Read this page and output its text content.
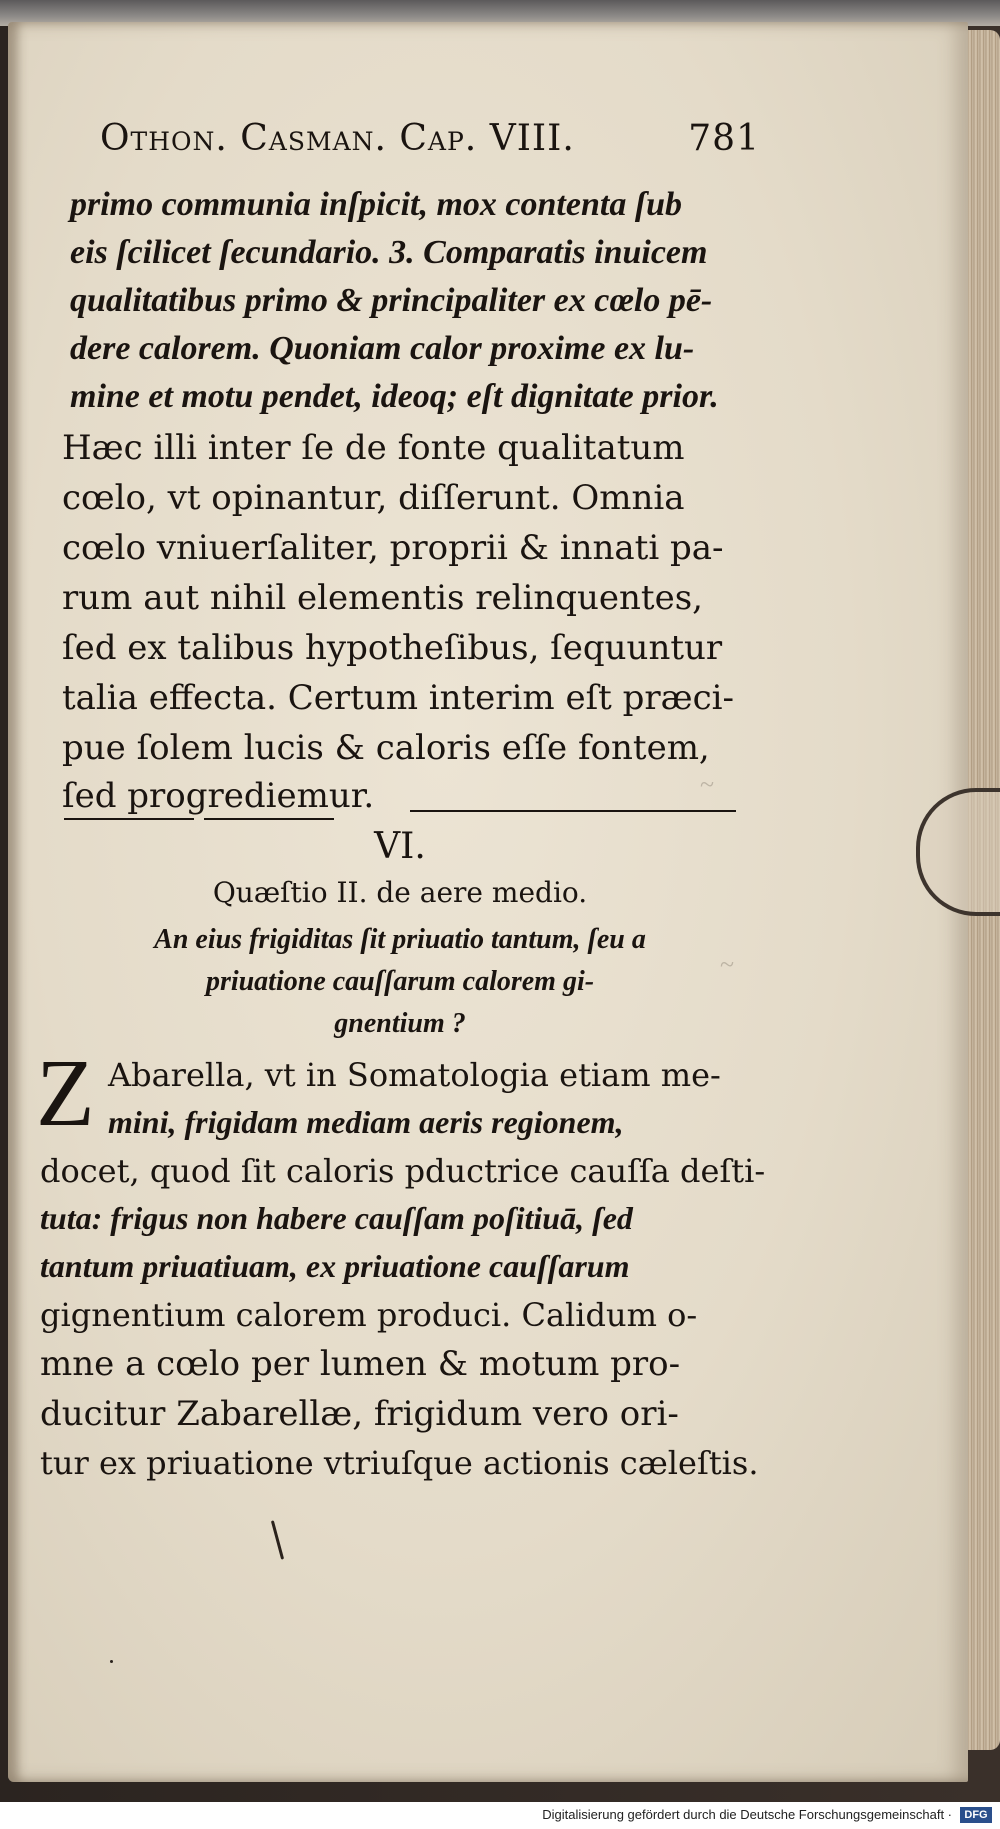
~
~
Othon. Casman. Cap. VIII.	781
primo communia inſpicit, mox contenta ſub
eis ſcilicet ſecundario. 3. Comparatis inuicem
qualitatibus primo & principaliter ex cœlo pē-
dere calorem. Quoniam calor proxime ex lu-
mine et motu pendet, ideoq; eſt dignitate prior.
Hæc illi inter ſe de fonte qualitatum
cœlo, vt opinantur, diſſerunt. Omnia
cœlo vniuerſaliter, proprii & innati pa-
rum aut nihil elementis relinquentes,
ſed ex talibus hypotheſibus, ſequuntur
talia effecta. Certum interim eſt præci-
pue ſolem lucis & caloris eſſe fontem,
ſed progrediemur.
VI.
Quæſtio II. de aere medio.
An eius frigiditas ſit priuatio tantum, ſeu a
priuatione cauſſarum calorem gi-
gnentium ?
Z Abarella, vt in Somatologia etiam me-
mini, frigidam mediam aeris regionem,
docet, quod ſit caloris pductrice cauſſa deſti-
tuta: frigus non habere cauſſam poſitiuā, ſed
tantum priuatiuam, ex priuatione cauſſarum
gignentium calorem produci. Calidum o-
mne a cœlo per lumen & motum pro-
ducitur Zabarellæ, frigidum vero ori-
tur ex priuatione vtriuſque actionis cæleſtis.
Digitalisierung gefördert durch die Deutsche Forschungsgemeinschaft ·	DFG
